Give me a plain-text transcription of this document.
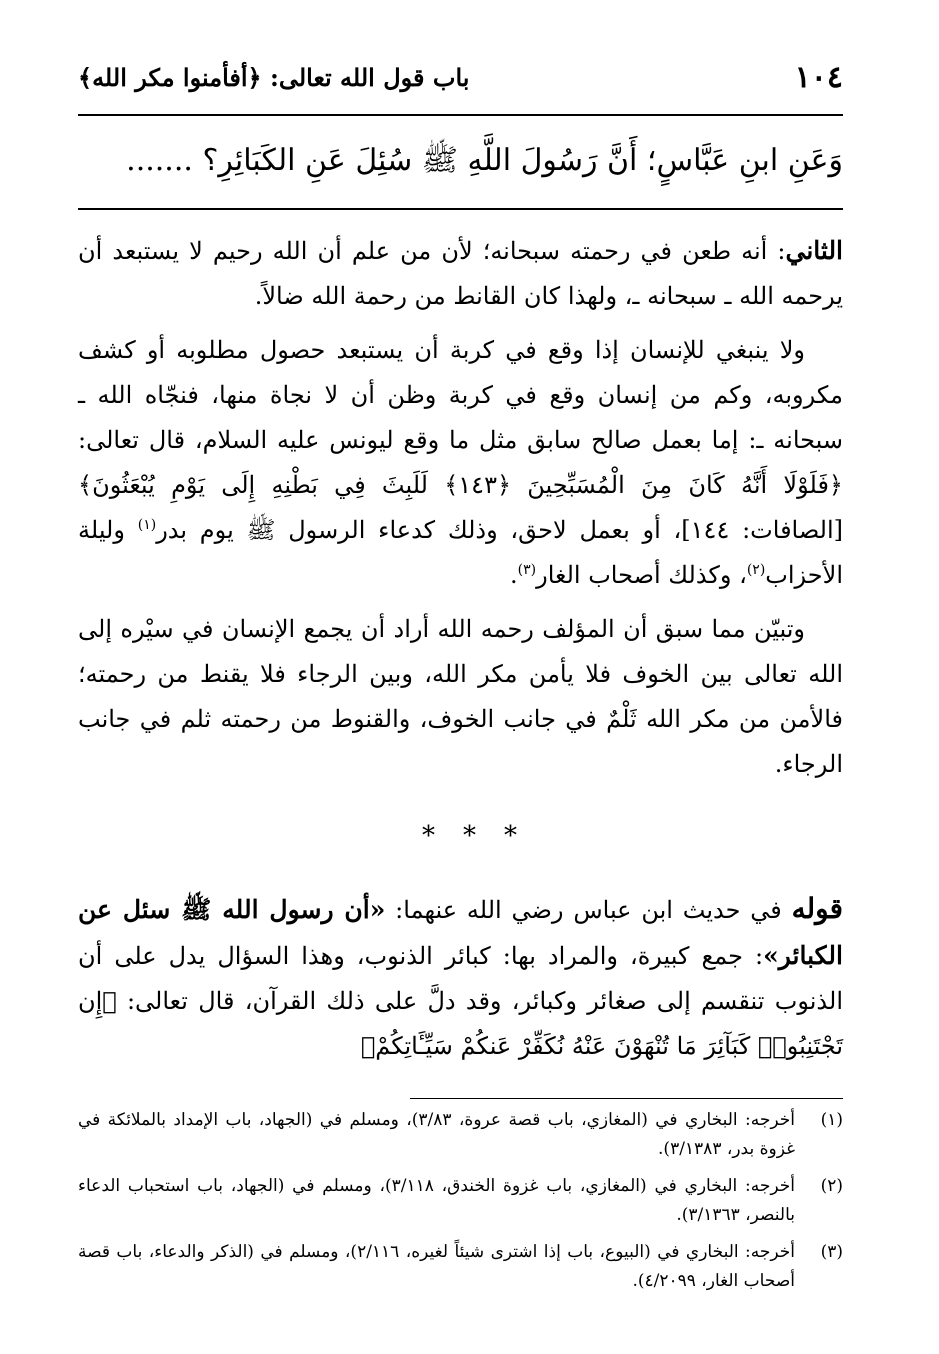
١٠٤
باب قول الله تعالى: ﴿أفأمنوا مكر الله﴾
وَعَنِ ابنِ عَبَّاسٍ؛ أَنَّ رَسُولَ اللَّهِ ﷺ سُئِلَ عَنِ الكَبَائِرِ؟ .......

الثاني: أنه طعن في رحمته سبحانه؛ لأن من علم أن الله رحيم لا يستبعد أن يرحمه الله ـ سبحانه ـ، ولهذا كان القانط من رحمة الله ضالاً.

ولا ينبغي للإنسان إذا وقع في كربة أن يستبعد حصول مطلوبه أو كشف مكروبه، وكم من إنسان وقع في كربة وظن أن لا نجاة منها، فنجّاه الله ـ سبحانه ـ: إما بعمل صالح سابق مثل ما وقع ليونس عليه السلام، قال تعالى: ﴿فَلَوْلَا أَنَّهُ كَانَ مِنَ الْمُسَبِّحِينَ ﴿١٤٣﴾ لَلَبِثَ فِي بَطْنِهِ إِلَى يَوْمِ يُبْعَثُونَ﴾ [الصافات: ١٤٤]، أو بعمل لاحق، وذلك كدعاء الرسول ﷺ يوم بدر$^{(١)}$ وليلة الأحزاب$^{(٢)}$، وكذلك أصحاب الغار$^{(٣)}$.

وتبيّن مما سبق أن المؤلف رحمه الله أراد أن يجمع الإنسان في سيْره إلى الله تعالى بين الخوف فلا يأمن مكر الله، وبين الرجاء فلا يقنط من رحمته؛ فالأمن من مكر الله ثَلْمٌ في جانب الخوف، والقنوط من رحمته ثلم في جانب الرجاء.

* * *

قوله في حديث ابن عباس رضي الله عنهما: «أن رسول الله ﷺ سئل عن الكبائر»: جمع كبيرة، والمراد بها: كبائر الذنوب، وهذا السؤال يدل على أن الذنوب تنقسم إلى صغائر وكبائر، وقد دلَّ على ذلك القرآن، قال تعالى: ﴿إِن تَجْتَنِبُوا۟ كَبَآئِرَ مَا تُنْهَوْنَ عَنْهُ نُكَفِّرْ عَنكُمْ سَيِّـَٔاتِكُمْ﴾

(١)
أخرجه: البخاري في (المغازي، باب قصة عروة، ٣/٨٣)، ومسلم في (الجهاد، باب الإمداد بالملائكة في غزوة بدر، ٣/١٣٨٣).
(٢)
أخرجه: البخاري في (المغازي، باب غزوة الخندق، ٣/١١٨)، ومسلم في (الجهاد، باب استحباب الدعاء بالنصر، ٣/١٣٦٣).
(٣)
أخرجه: البخاري في (البيوع، باب إذا اشترى شيئاً لغيره، ٢/١١٦)، ومسلم في (الذكر والدعاء، باب قصة أصحاب الغار، ٤/٢٠٩٩).
